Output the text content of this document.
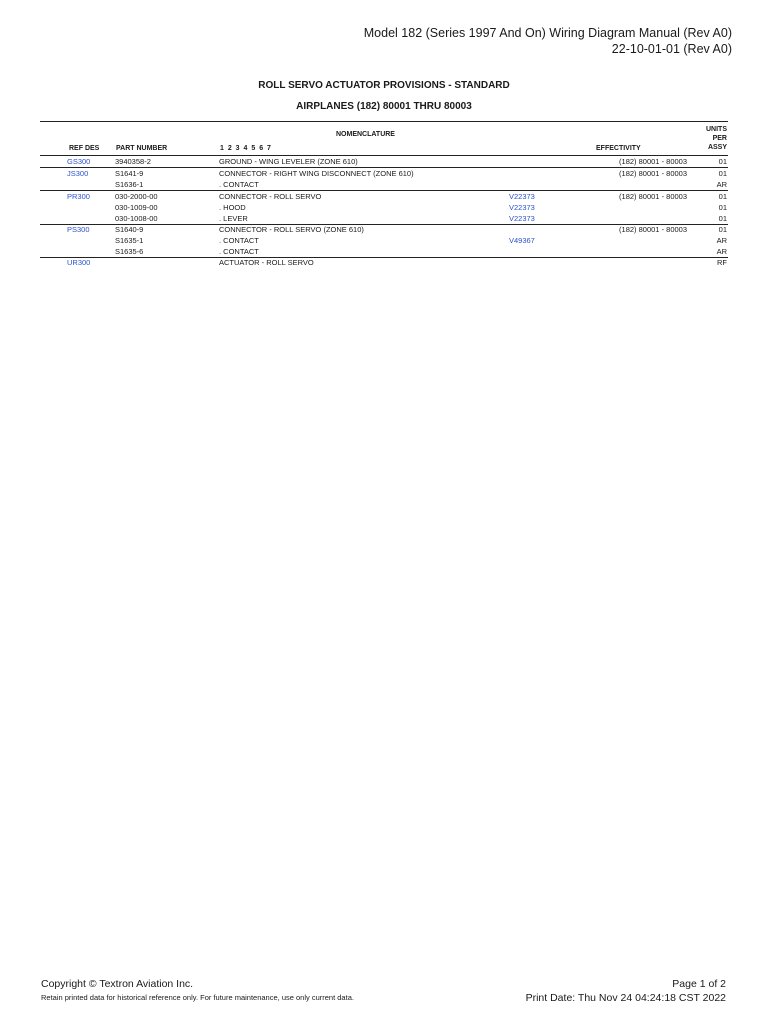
Model 182 (Series 1997 And On) Wiring Diagram Manual (Rev A0)
22-10-01-01 (Rev A0)
ROLL SERVO ACTUATOR PROVISIONS - STANDARD
AIRPLANES (182) 80001 THRU 80003
NOMENCLATURE
REF DES PART NUMBER	1 2 3 4 5 6 7	EFFECTIVITY
UNITS
PER
ASSY
GS300	3940358-2	GROUND - WING LEVELER (ZONE 610)	(182) 80001 - 80003	01
JS300	S1641-9	CONNECTOR - RIGHT WING DISCONNECT (ZONE 610)	(182) 80001 - 80003	01
S1636-1	. CONTACT	AR
PR300	030-2000-00	CONNECTOR - ROLL SERVO	V22373	(182) 80001 - 80003	01
030-1009-00	. HOOD	V22373	01
030-1008-00	. LEVER	V22373	01
PS300	S1640-9	CONNECTOR - ROLL SERVO (ZONE 610)	(182) 80001 - 80003	01
S1635-1	. CONTACT	V49367	AR
S1635-6	. CONTACT	AR
UR300	ACTUATOR - ROLL SERVO	RF
Copyright © Textron Aviation Inc.
Retain printed data for historical reference only. For future maintenance, use only current data.
Page 1 of 2
Print Date: Thu Nov 24 04:24:18 CST 2022
